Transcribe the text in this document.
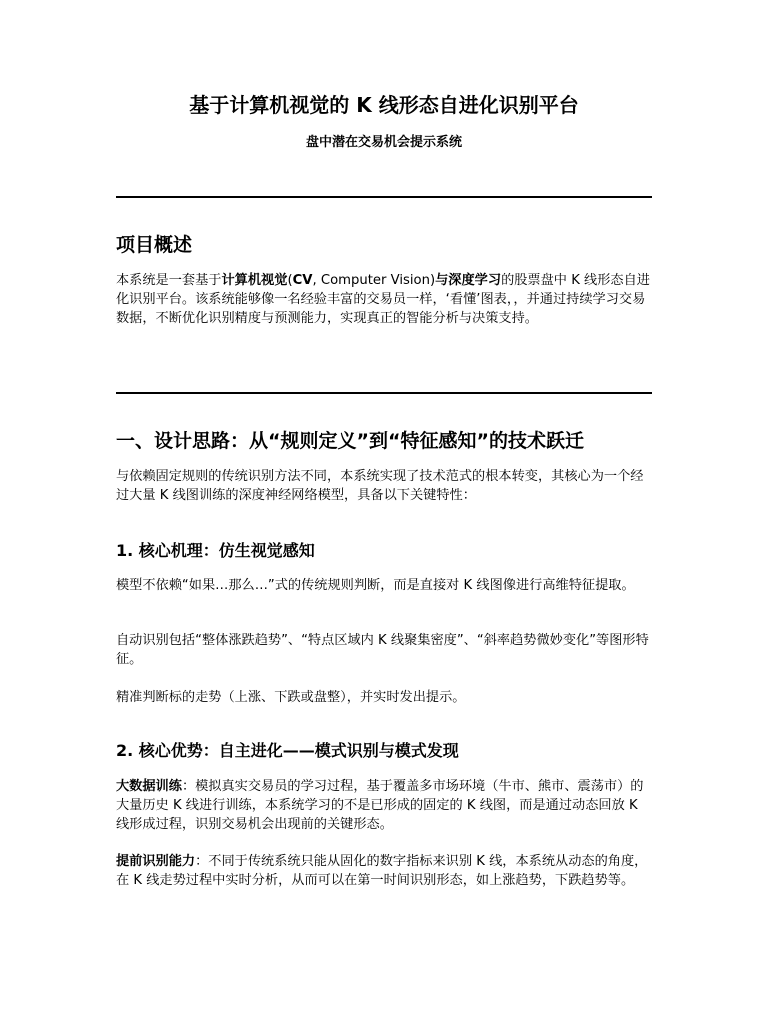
基于计算机视觉的 K 线形态自进化识别平台
盘中潜在交易机会提示系统
项目概述

本系统是一套基于计算机视觉(CV, Computer Vision)与深度学习的股票盘中 K 线形态自进化识别平台。该系统能够像一名经验丰富的交易员一样，‘看懂’图表，，并通过持续学习交易数据，不断优化识别精度与预测能力，实现真正的智能分析与决策支持。

一、设计思路：从“规则定义”到“特征感知”的技术跃迁

与依赖固定规则的传统识别方法不同，本系统实现了技术范式的根本转变，其核心为一个经过大量 K 线图训练的深度神经网络模型，具备以下关键特性：

1. 核心机理：仿生视觉感知

模型不依赖“如果…那么…”式的传统规则判断，而是直接对 K 线图像进行高维特征提取。

自动识别包括“整体涨跌趋势”、“特点区域内 K 线聚集密度”、“斜率趋势微妙变化”等图形特征。

精准判断标的走势（上涨、下跌或盘整），并实时发出提示。

2. 核心优势：自主进化——模式识别与模式发现

大数据训练：模拟真实交易员的学习过程，基于覆盖多市场环境（牛市、熊市、震荡市）的大量历史 K 线进行训练，本系统学习的不是已形成的固定的 K 线图，而是通过动态回放 K 线形成过程，识别交易机会出现前的关键形态。

提前识别能力：不同于传统系统只能从固化的数字指标来识别 K 线，本系统从动态的角度，在 K 线走势过程中实时分析，从而可以在第一时间识别形态，如上涨趋势，下跌趋势等。
